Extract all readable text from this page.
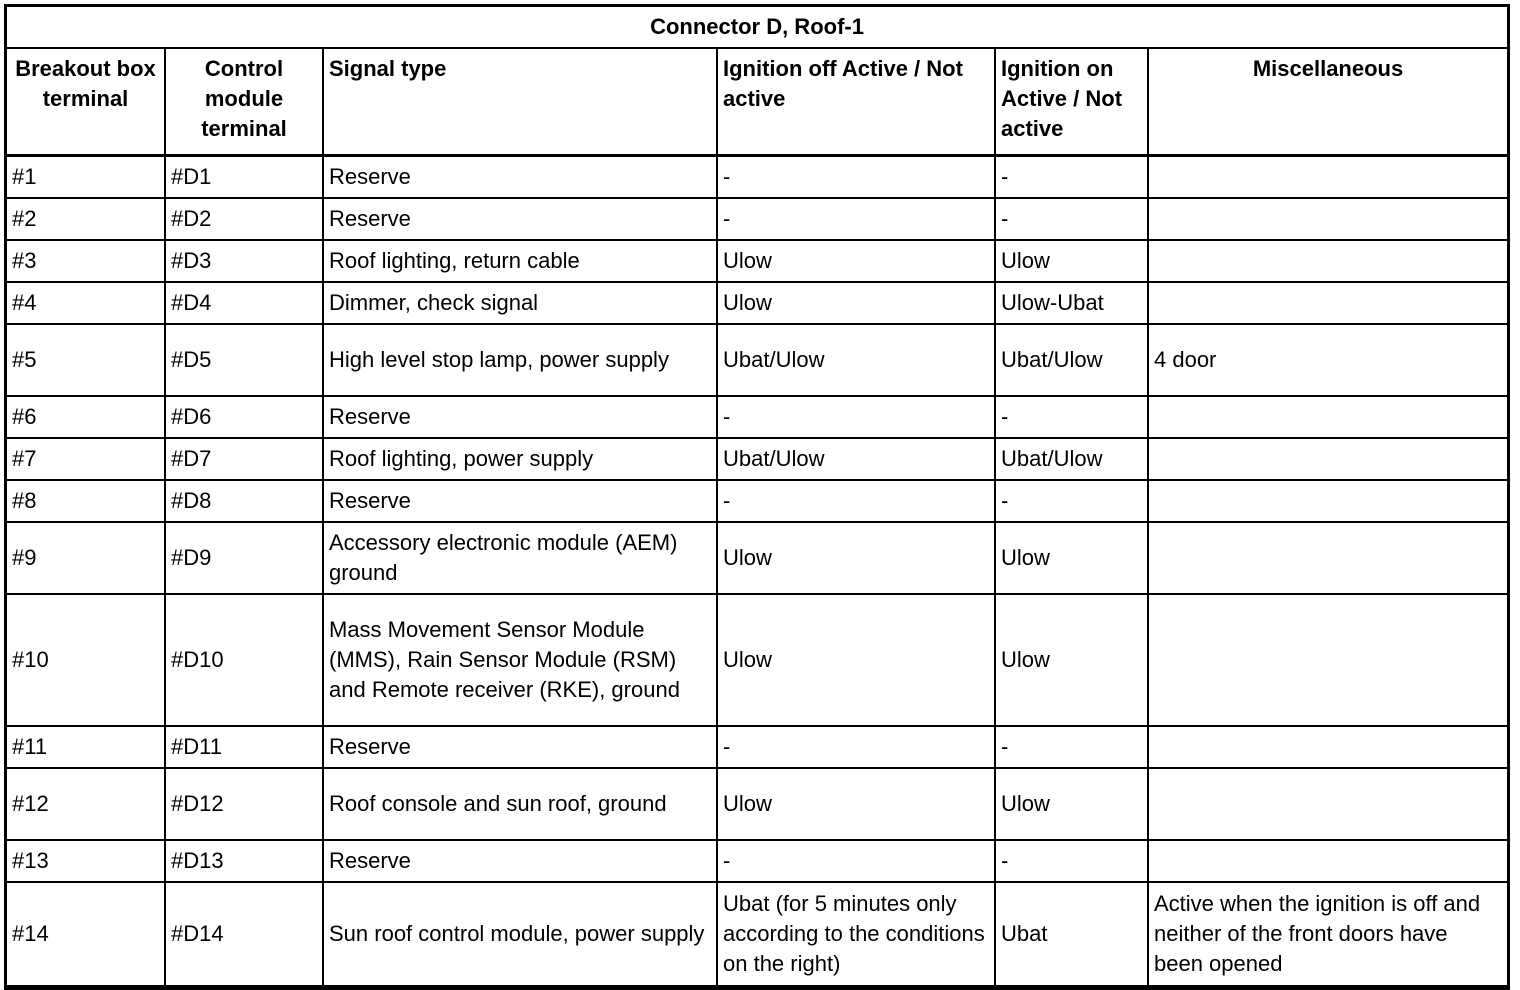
Connector D, Roof-1					
Breakout box terminal	Control module terminal	Signal type	Ignition off Active / Not active	Ignition on Active / Not active	Miscellaneous
#1	#D1	Reserve	-	-	
#2	#D2	Reserve	-	-	
#3	#D3	Roof lighting, return cable	Ulow	Ulow	
#4	#D4	Dimmer, check signal	Ulow	Ulow-Ubat	
#5	#D5	High level stop lamp, power supply	Ubat/Ulow	Ubat/Ulow	4 door
#6	#D6	Reserve	-	-	
#7	#D7	Roof lighting, power supply	Ubat/Ulow	Ubat/Ulow	
#8	#D8	Reserve	-	-	
#9	#D9	Accessory electronic module (AEM) ground	Ulow	Ulow	
#10	#D10	Mass Movement Sensor Module (MMS), Rain Sensor Module (RSM) and Remote receiver (RKE), ground	Ulow	Ulow	
#11	#D11	Reserve	-	-	
#12	#D12	Roof console and sun roof, ground	Ulow	Ulow	
#13	#D13	Reserve	-	-	
#14	#D14	Sun roof control module, power supply	Ubat (for 5 minutes only according to the conditions on the right)	Ubat	Active when the ignition is off and neither of the front doors have been opened
